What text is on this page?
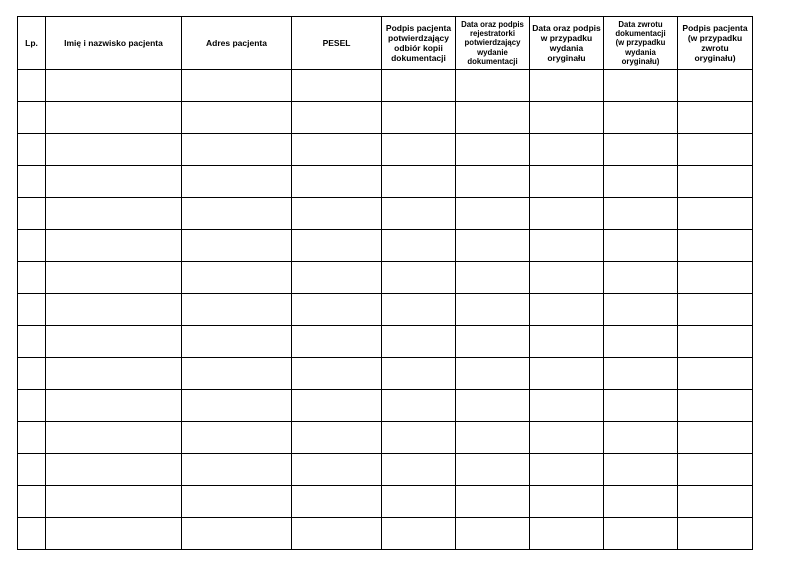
Lp.	Imię i nazwisko pacjenta	Adres pacjenta	PESEL	Podpis pacjenta
potwierdzający
odbiór kopii
dokumentacji	Data oraz podpis
rejestratorki
potwierdzający
wydanie
dokumentacji	Data oraz podpis
w przypadku
wydania
oryginału	Data zwrotu
dokumentacji
(w przypadku
wydania
oryginału)	Podpis pacjenta
(w przypadku
zwrotu
oryginału)
